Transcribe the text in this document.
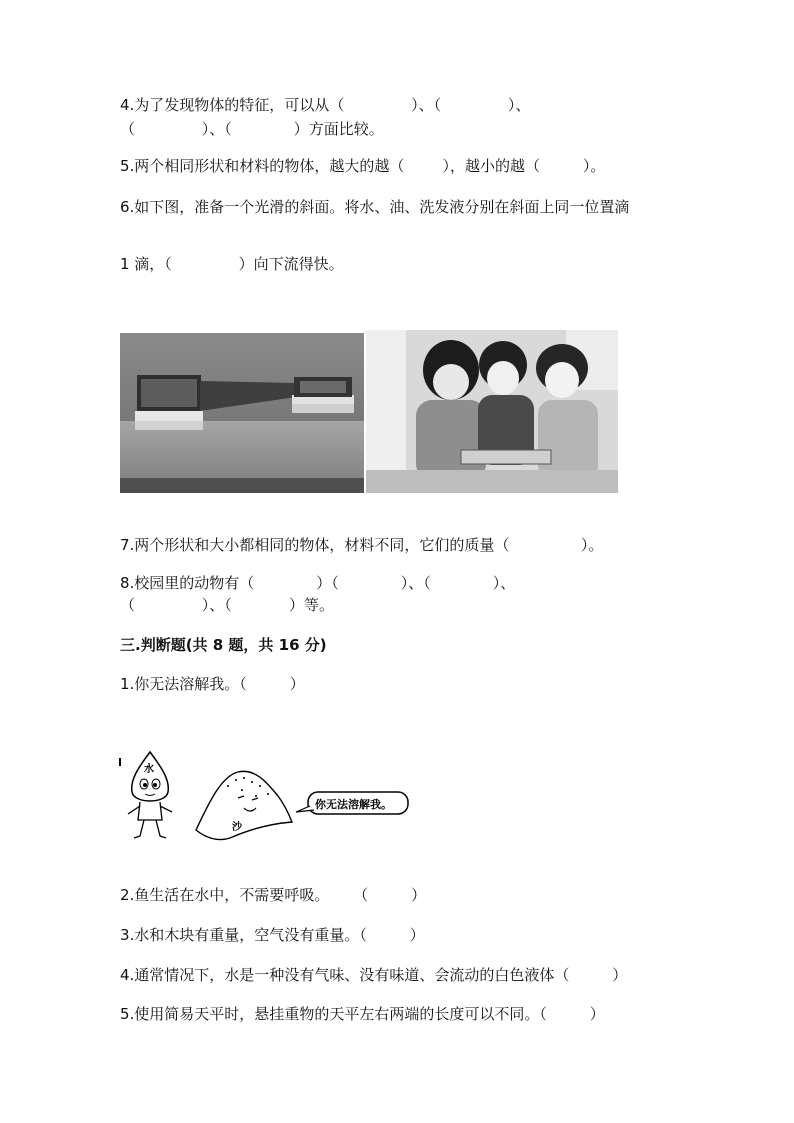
4.为了发现物体的特征，可以从（              ）、（              ）、
（              ）、（             ）方面比较。
5.两个相同形状和材料的物体，越大的越（        ），越小的越（         ）。
6.如下图，准备一个光滑的斜面。将水、油、洗发液分别在斜面上同一位置滴
1 滴，（              ）向下流得快。
7.两个形状和大小都相同的物体，材料不同，它们的质量（               ）。
8.校园里的动物有（             ）（             ）、（             ）、
（              ）、（            ）等。
三.判断题(共 8 题，共 16 分)
1.你无法溶解我。（         ）
水
沙
你无法溶解我。
2.鱼生活在水中，不需要呼吸。     （         ）
3.水和木块有重量，空气没有重量。（         ）
4.通常情况下，水是一种没有气味、没有味道、会流动的白色液体（         ）
5.使用简易天平时，悬挂重物的天平左右两端的长度可以不同。（         ）
